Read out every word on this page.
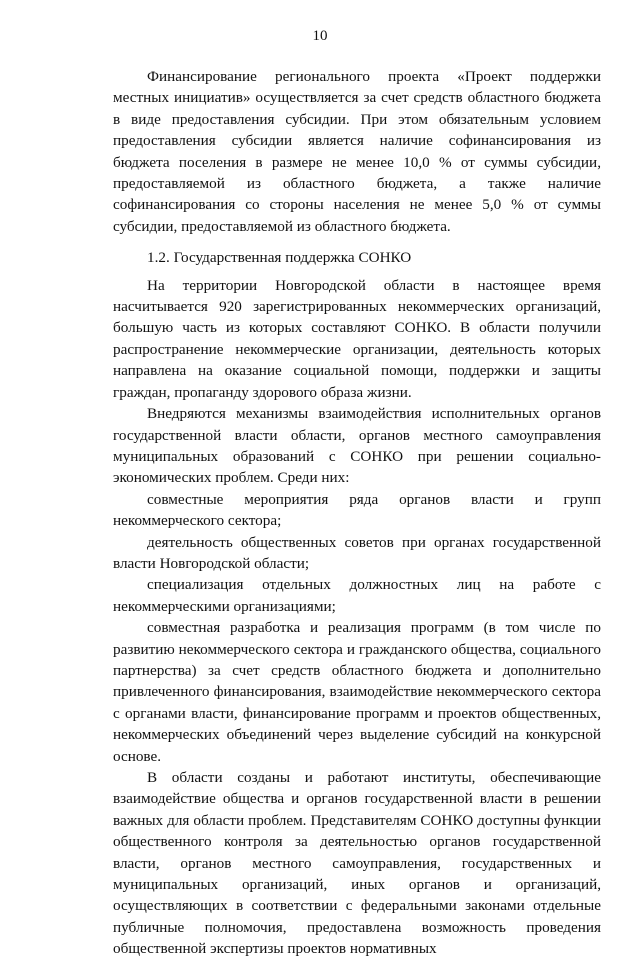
10

Финансирование регионального проекта «Проект поддержки местных инициатив» осуществляется за счет средств областного бюджета в виде предоставления субсидии. При этом обязательным условием предоставления субсидии является наличие софинансирования из бюджета поселения в размере не менее 10,0 % от суммы субсидии, предоставляемой из областного бюджета, а также наличие софинансирования со стороны населения не менее 5,0 % от суммы субсидии, предоставляемой из областного бюджета.

1.2. Государственная поддержка СОНКО

На территории Новгородской области в настоящее время насчитывается 920 зарегистрированных некоммерческих организаций, большую часть из которых составляют СОНКО. В области получили распространение некоммерческие организации, деятельность которых направлена на оказание социальной помощи, поддержки и защиты граждан, пропаганду здорового образа жизни.

Внедряются механизмы взаимодействия исполнительных органов государственной власти области, органов местного самоуправления муниципальных образований с СОНКО при решении социально-экономических проблем. Среди них:

совместные мероприятия ряда органов власти и групп некоммерческого сектора;

деятельность общественных советов при органах государственной власти Новгородской области;

специализация отдельных должностных лиц на работе с некоммерческими организациями;

совместная разработка и реализация программ (в том числе по развитию некоммерческого сектора и гражданского общества, социального партнерства) за счет средств областного бюджета и дополнительно привлеченного финансирования, взаимодействие некоммерческого сектора с органами власти, финансирование программ и проектов общественных, некоммерческих объединений через выделение субсидий на конкурсной основе.

В области созданы и работают институты, обеспечивающие взаимодействие общества и органов государственной власти в решении важных для области проблем. Представителям СОНКО доступны функции общественного контроля за деятельностью органов государственной власти, органов местного самоуправления, государственных и муниципальных организаций, иных органов и организаций, осуществляющих в соответствии с федеральными законами отдельные публичные полномочия, предоставлена возможность проведения общественной экспертизы проектов нормативных
